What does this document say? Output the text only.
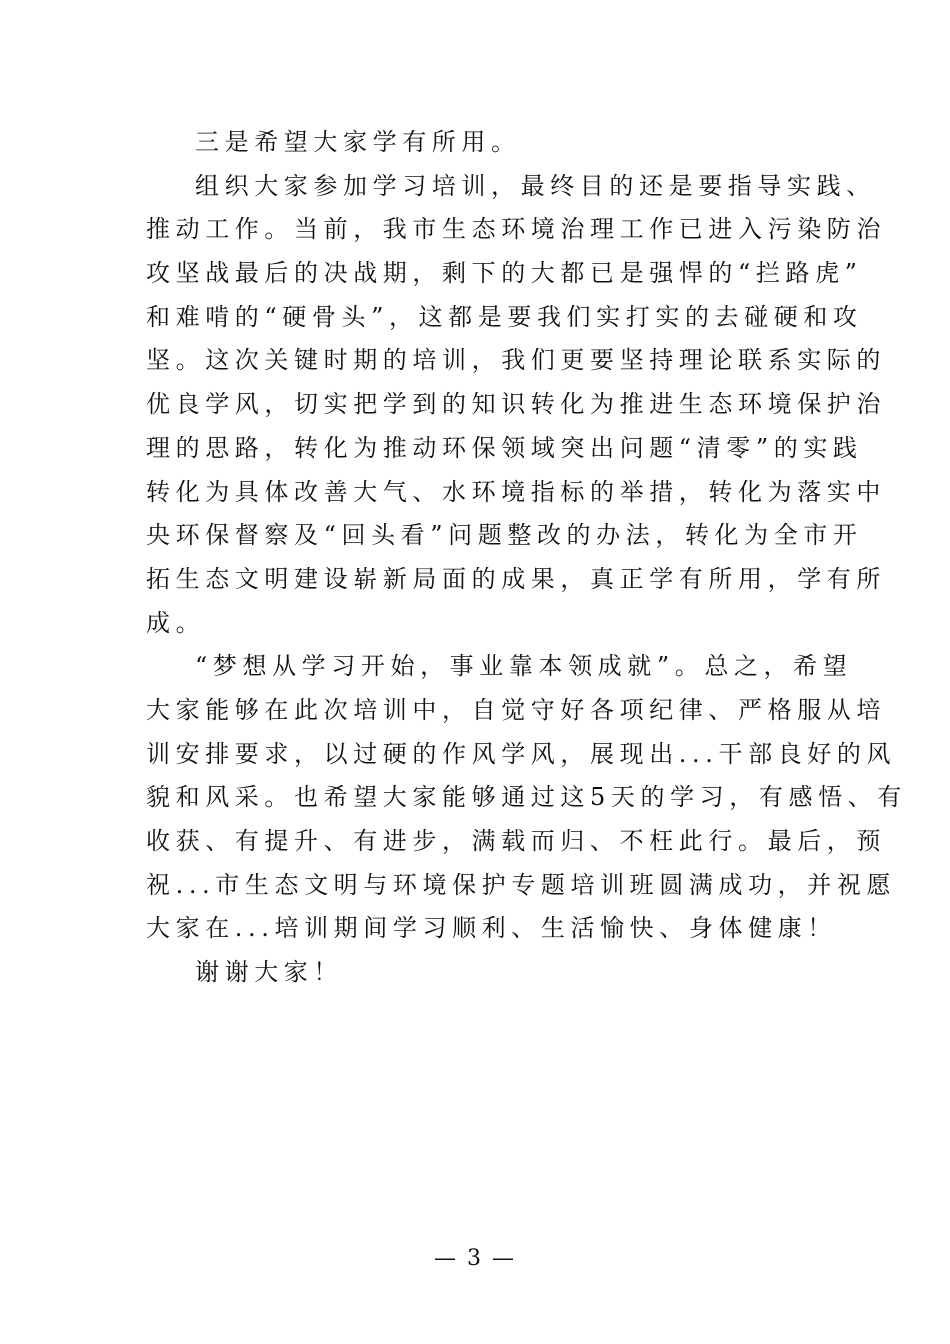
三是希望大家学有所用。
组织大家参加学习培训，最终目的还是要指导实践、
推动工作。当前，我市生态环境治理工作已进入污染防治
攻坚战最后的决战期，剩下的大都已是强悍的“拦路虎”
和难啃的“硬骨头”，这都是要我们实打实的去碰硬和攻
坚。这次关键时期的培训，我们更要坚持理论联系实际的
优良学风，切实把学到的知识转化为推进生态环境保护治
理的思路，转化为推动环保领域突出问题“清零”的实践
转化为具体改善大气、水环境指标的举措，转化为落实中
央环保督察及“回头看”问题整改的办法，转化为全市开
拓生态文明建设崭新局面的成果，真正学有所用，学有所
成。
“梦想从学习开始，事业靠本领成就”。总之，希望
大家能够在此次培训中，自觉守好各项纪律、严格服从培
训安排要求，以过硬的作风学风，展现出...干部良好的风
貌和风采。也希望大家能够通过这5天的学习，有感悟、有
收获、有提升、有进步，满载而归、不枉此行。最后，预
祝...市生态文明与环境保护专题培训班圆满成功，并祝愿
大家在...培训期间学习顺利、生活愉快、身体健康！
谢谢大家！
— 3 —
